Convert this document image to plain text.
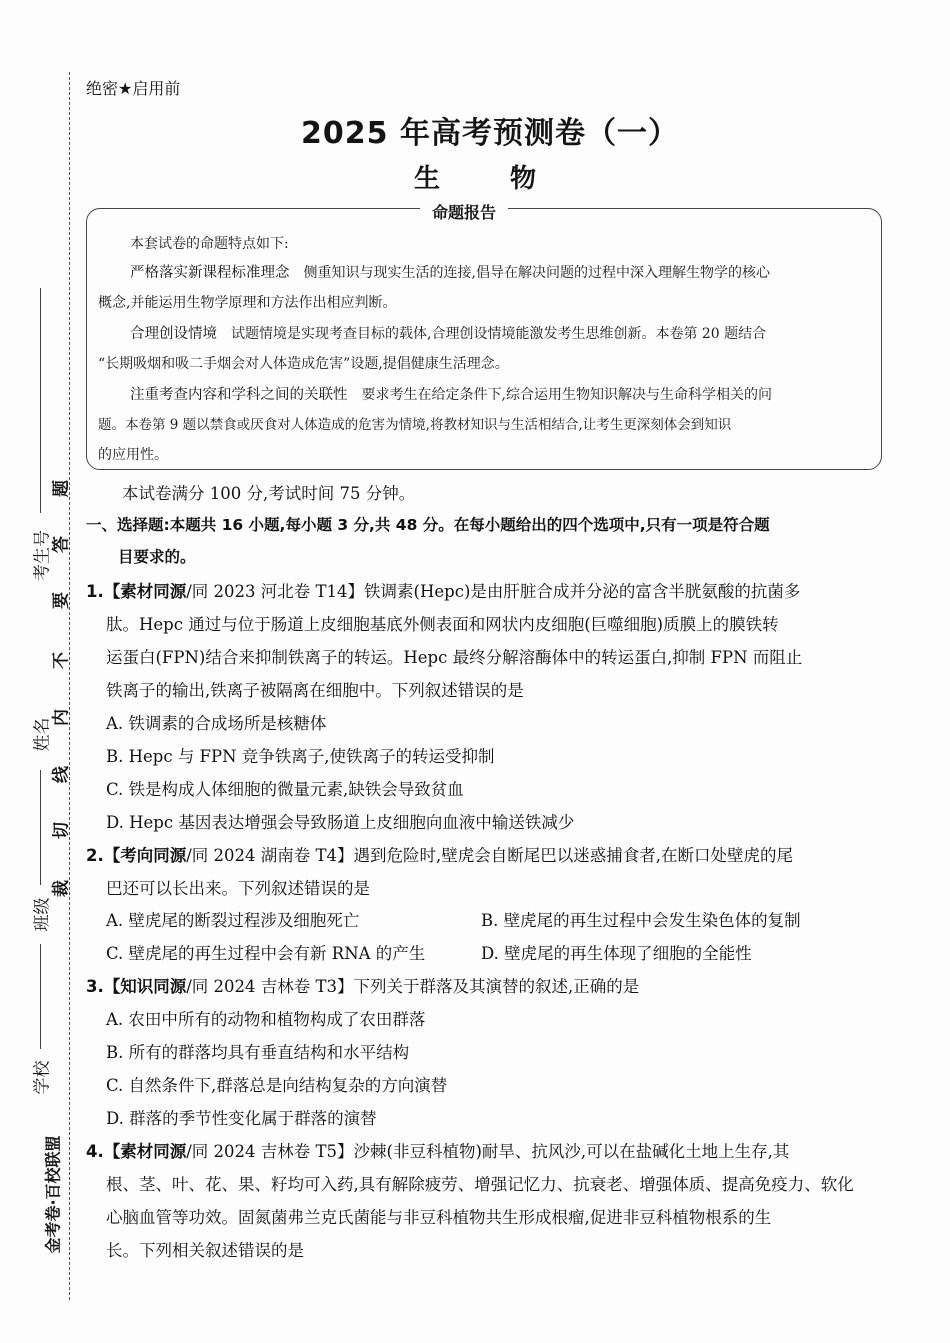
考生号
姓名
班级
学校
金考卷·百校联盟
题
答
要
不
内
线
切
裁
绝密★启用前
2025 年高考预测卷（一）
生　物
命题报告
本套试卷的命题特点如下:
严格落实新课程标准理念　侧重知识与现实生活的连接,倡导在解决问题的过程中深入理解生物学的核心
概念,并能运用生物学原理和方法作出相应判断。
合理创设情境　试题情境是实现考查目标的载体,合理创设情境能激发考生思维创新。本卷第 20 题结合
“长期吸烟和吸二手烟会对人体造成危害”设题,提倡健康生活理念。
注重考查内容和学科之间的关联性　要求考生在给定条件下,综合运用生物知识解决与生命科学相关的问
题。本卷第 9 题以禁食或厌食对人体造成的危害为情境,将教材知识与生活相结合,让考生更深刻体会到知识
的应用性。
本试卷满分 100 分,考试时间 75 分钟。
一、选择题:本题共 16 小题,每小题 3 分,共 48 分。在每小题给出的四个选项中,只有一项是符合题
目要求的。
1.【素材同源/同 2023 河北卷 T14】铁调素(Hepc)是由肝脏合成并分泌的富含半胱氨酸的抗菌多
肽。Hepc 通过与位于肠道上皮细胞基底外侧表面和网状内皮细胞(巨噬细胞)质膜上的膜铁转
运蛋白(FPN)结合来抑制铁离子的转运。Hepc 最终分解溶酶体中的转运蛋白,抑制 FPN 而阻止
铁离子的输出,铁离子被隔离在细胞中。下列叙述错误的是
A. 铁调素的合成场所是核糖体
B. Hepc 与 FPN 竞争铁离子,使铁离子的转运受抑制
C. 铁是构成人体细胞的微量元素,缺铁会导致贫血
D. Hepc 基因表达增强会导致肠道上皮细胞向血液中输送铁减少
2.【考向同源/同 2024 湖南卷 T4】遇到危险时,壁虎会自断尾巴以迷惑捕食者,在断口处壁虎的尾
巴还可以长出来。下列叙述错误的是
A. 壁虎尾的断裂过程涉及细胞死亡	B. 壁虎尾的再生过程中会发生染色体的复制
C. 壁虎尾的再生过程中会有新 RNA 的产生	D. 壁虎尾的再生体现了细胞的全能性
3.【知识同源/同 2024 吉林卷 T3】下列关于群落及其演替的叙述,正确的是
A. 农田中所有的动物和植物构成了农田群落
B. 所有的群落均具有垂直结构和水平结构
C. 自然条件下,群落总是向结构复杂的方向演替
D. 群落的季节性变化属于群落的演替
4.【素材同源/同 2024 吉林卷 T5】沙棘(非豆科植物)耐旱、抗风沙,可以在盐碱化土地上生存,其
根、茎、叶、花、果、籽均可入药,具有解除疲劳、增强记忆力、抗衰老、增强体质、提高免疫力、软化
心脑血管等功效。固氮菌弗兰克氏菌能与非豆科植物共生形成根瘤,促进非豆科植物根系的生
长。下列相关叙述错误的是
